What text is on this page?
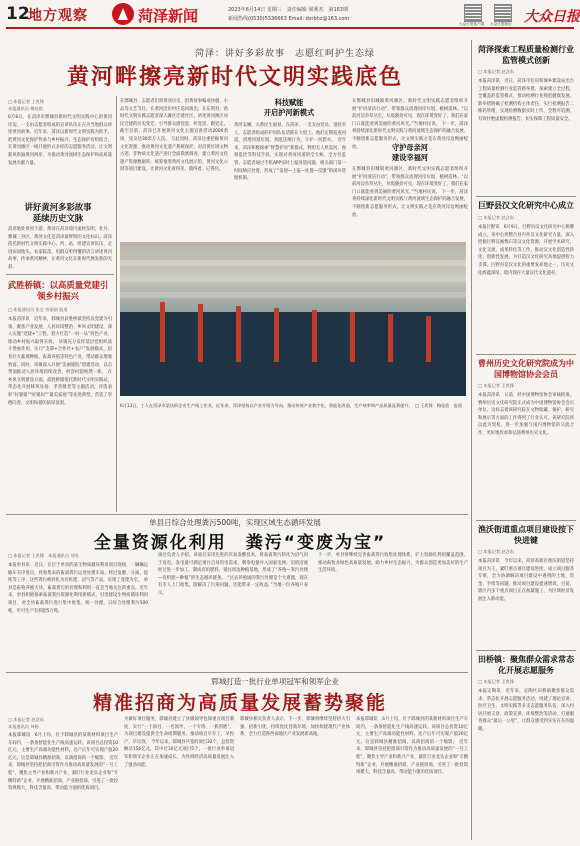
12
地方观察	菏泽新闻	2023年6月14日 星期三　责任编辑 梁利杰　第163期
新闻热线(0530)5336663 Email: dzrbhz@163.com
大众日报客户端 大众日报微信 大众日报
菏泽：讲好多彩故事　志愿红呵护生态绿
黄河畔擦亮新时代文明实践底色
□ 本报记者 王兆锋
本报通讯员 梅佳欣
6月8日，在菏泽市鄄城县新时代文明实践中心的黄河岸边，一支由志愿者组成的宣讲队伍正在为当地群众讲述黄河故事。近年来，菏泽以新时代文明实践为抓手，把黄河文化保护传承与乡村振兴、生态保护有机结合，在黄河滩区一线开展形式多样的志愿服务活动，让文明新风吹遍黄河两岸，为推动黄河流域生态保护和高质量发展贡献力量。
讲好黄河多彩故事
延续历史文脉
菏泽地处黄河下游，黄河在菏泽境内流经东明、牡丹、鄄城三县区。黄河文化是菏泽最鲜明的文化标识。菏泽依托新时代文明实践中心、所、站，组建宣讲队伍，走进田间地头、农家院落，用群众听得懂的语言讲述黄河故事、传承黄河精神，让黄河文化在新时代焕发新的光彩。
在鄄城县，志愿者们将黄河历史、治黄故事编成快板、小品等文艺节目，在黄河沿岸村庄巡回演出；在东明县，新时代文明实践志愿者深入滩区迁建社区，讲述黄河滩区居民迁建的历史变迁，引导群众感党恩、听党话、跟党走。截至目前，菏泽已开展黄河文化主题宣讲活动2000余场，受众达30余万人次。 与此同时，菏泽注重挖掘黄河文化资源，推动黄河文化遗产系统保护。对沿黄区域文物古迹、非物质文化遗产进行全面摸底调查，建立黄河文化遗产资源数据库，统筹推进黄河文化展示馆、黄河文化公园等项目建设，让黄河文化看得见、摸得着、记得住。
科技赋能
开启护河新模式
黄河安澜，关系民生福祉。在菏泽，一支支由党员、退役军人、志愿者组成的护河队伍活跃在大堤上。他们定期巡查河道，清理河道垃圾，劝阻违规行为，守护一河碧水。 近年来，菏泽积极探索“智慧护河”新模式，利用无人机巡河、视频监控等科技手段，实现对黄河河道的全天候、全方位监管。志愿者通过手机APP实时上报河道问题，相关部门第一时间响应处置，形成了“发现—上报—处置—反馈”的闭环管理机制。
守护母亲河
建设幸福河
在鄄城县旧城镇黄河滩区，新时代文明实践志愿者组织开展“护河清洁行动”，带领群众清理河岸垃圾、植树造林。“以前河边杂草丛生，垃圾随处可见，现在环境变好了，我们在家门口就能看到美丽的黄河风光。”当地村民说。 下一步，菏泽将持续深化新时代文明实践与黄河流域生态保护的融合发展，不断创新志愿服务形式，让文明实践之花在黄河岸边绚丽绽放。
在鄄城县旧城镇黄河滩区，新时代文明实践志愿者组织开展“护河清洁行动”，带领群众清理河岸垃圾、植树造林。“以前河边杂草丛生，垃圾随处可见，现在环境变好了，我们在家门口就能看到美丽的黄河风光。”当地村民说。 下一步，菏泽将持续深化新时代文明实践与黄河流域生态保护的融合发展，不断创新志愿服务形式，让文明实践之花在黄河岸边绚丽绽放。
6月13日，工人在菏泽市某纺织企业生产线上作业。近年来，菏泽坚持以产业升级为导向，推动传统产业数字化、智能化改造，生产效率和产品质量显著提升。　□ 王兆锋　梅佳欣　报道
武胜桥镇：以高质量党建引领乡村振兴
□ 本报通讯员 张宝 房丽丽 报道
本报菏泽讯　近年来，郓城县武胜桥镇坚持以党建为引领，聚焦产业发展、人居环境整治、乡风文明建设，深入实施“党建+”工程，着力打造“一村一品”特色产业，推动乡村振兴取得实效。 该镇充分发挥基层党组织战斗堡垒作用，实行“支部+合作社+农户”发展模式，培育壮大蔬菜种植、畜禽养殖等特色产业，带动群众增收致富。同时，该镇深入开展“美丽庭院”创建活动，以点带面推动人居环境持续改善，村容村貌焕然一新。 在乡风文明建设方面，武胜桥镇依托新时代文明实践站，常态化开展移风易俗、孝善敬老等主题活动，评选表彰“好婆婆”“好媳妇”“最美家庭”等先进典型，营造了崇德向善、文明和谐的浓厚氛围。
单县日综合处理粪污500吨，实现区域生态循环发展
全量资源化利用　粪污“变废为宝”
□ 本报记者 王兆锋　本报通讯员 刘昊
本报单县讯　近日，在位于单县的某生物质循环利用项目现场，一辆辆运输车有序进出，将收集来的畜禽粪污运进处理车间。经过发酵、分离、提纯等工序，这些粪污被转化为有机肥、沼气等产品，实现了变废为宝。 单县是畜牧养殖大县，畜禽粪污的处理和利用一直是当地关注的重点。近年来，单县积极探索畜禽粪污资源化利用新模式，引进建设生物质循环利用项目，对全县畜禽粪污进行集中收集、统一处理，日综合处理粪污500吨，年可生产有机肥5万吨。
项目负责人介绍，该项目采用先进的厌氧发酵技术，将畜禽粪污转化为沼气用于发电，发电量可满足项目自身用电需求，剩余电量并入国家电网；沼渣沼液经过进一步加工，制成有机肥料，销往周边种植基地，形成了“养殖—粪污处理—有机肥—种植”的生态循环链条。 “过去养殖场的粪污处理是个大难题，现在有专人上门收集，既解决了污染问题，还能带来一定收益。”当地一位养殖户表示。
下一步，单县将继续完善畜禽粪污收集处理体系，扩大资源化利用覆盖范围，推动畜牧业绿色高质量发展，助力乡村生态振兴，为群众创造更加美好的生产生活环境。
郓城打造一批行业单项冠军和领军企业
精准招商为高质量发展蓄势聚能
□ 本报记者 赵念东
本报通讯员 刘杨
本报郓城讯　6月上旬，位于郓城县的某新材料项目生产车间内，一条条智能化生产线高速运转。该项目总投资10亿元，主要生产高端功能性材料，达产后年可实现产值20亿元。这是郓城县精准招商、以商招商的一个缩影。 近年来，郓城县坚持把招商引资作为推动高质量发展的“一号工程”，聚焦主导产业和新兴产业，紧盯行业龙头企业和“专精特新”企业，开展精准招商、产业链招商，引进了一批投资规模大、科技含量高、带动能力强的优质项目。
为做好项目服务，郓城县建立了县级领导包保重点项目制度，实行“一个项目、一名领导、一个专班、一抓到底”，为项目建设提供全生命周期服务，推动项目早开工、早投产、早见效。 今年以来，郓城县共签约项目32个，总投资额达156亿元，其中过10亿元项目5个。一批行业单项冠军和领军企业正在加速成长，为县域经济高质量发展注入了强劲动能。
郓城县相关负责人表示，下一步，郓城将继续坚持招大引强、招新引优，持续优化营商环境，加快构建现代产业体系，全力打造鲁西南地区产业发展新高地。
本报郓城讯　6月上旬，位于郓城县的某新材料项目生产车间内，一条条智能化生产线高速运转。该项目总投资10亿元，主要生产高端功能性材料，达产后年可实现产值20亿元。这是郓城县精准招商、以商招商的一个缩影。 近年来，郓城县坚持把招商引资作为推动高质量发展的“一号工程”，聚焦主导产业和新兴产业，紧盯行业龙头企业和“专精特新”企业，开展精准招商、产业链招商，引进了一批投资规模大、科技含量高、带动能力强的优质项目。
菏泽探索工程质量检测行业监管模式创新
□ 本报记者 赵念东
本报菏泽讯　近日，菏泽市住房和城乡建设局出台工程质量检测行业监管新举措，探索建立全过程、全覆盖的监管模式，推动检测行业规范健康发展。新举措明确了检测机构主体责任，实行检测报告二维码管理，实现检测数据实时上传、全程可追溯，有效杜绝虚假检测报告，切实保障工程质量安全。
巨野县汉文化研究中心成立
□ 本报记者 赵念东
本报巨野讯　6月9日，巨野县汉文化研究中心揭牌成立。该中心将整合县内外汉文化研究力量，深入挖掘巨野汉画像石等汉文化资源，开展学术研究、文化交流、成果转化等工作，推动汉文化创造性转化、创新性发展，为打造汉文化研究高地提供智力支撑。巨野县是汉文化的重要发祥地之一，历史文化底蕴深厚，境内现存大量汉代文化遗存。
曹州历史文化研究院成为中国博物馆协会会员
□ 本报记者 王兆锋
本报菏泽讯　日前，经中国博物馆协会审核批准，曹州历史文化研究院正式成为中国博物馆协会会员单位。这标志着该研究院在文物收藏、保护、研究和展示等方面的工作得到了行业认可。该研究院将以此为契机，进一步加强与国内博物馆的交流合作，更好地传承和弘扬曹州历史文化。
渔沃街道重点项目建设按下快进键
□ 本报记者 赵念东
本报菏泽讯　今年以来，菏泽高新区渔沃街道坚持项目为王，紧盯重点项目建设进度，成立项目服务专班，全力协调解决项目建设中遇到的土地、资金、手续等问题，推动项目建设提速增效。目前，辖区内多个重点项目正在加紧施工，为区域经济发展注入新动能。
田桥镇：聚焦群众需求常态化开展志愿服务
□ 本报记者 王兆锋
本报定陶讯　近年来，定陶区田桥镇聚焦群众需求，常态化开展志愿服务活动，组建了理论宣讲、医疗卫生、文明实践等多支志愿服务队伍，深入村居开展义诊、政策宣讲、环境整治等活动，打通服务群众“最后一公里”，让群众感受到实实在在的温暖。
